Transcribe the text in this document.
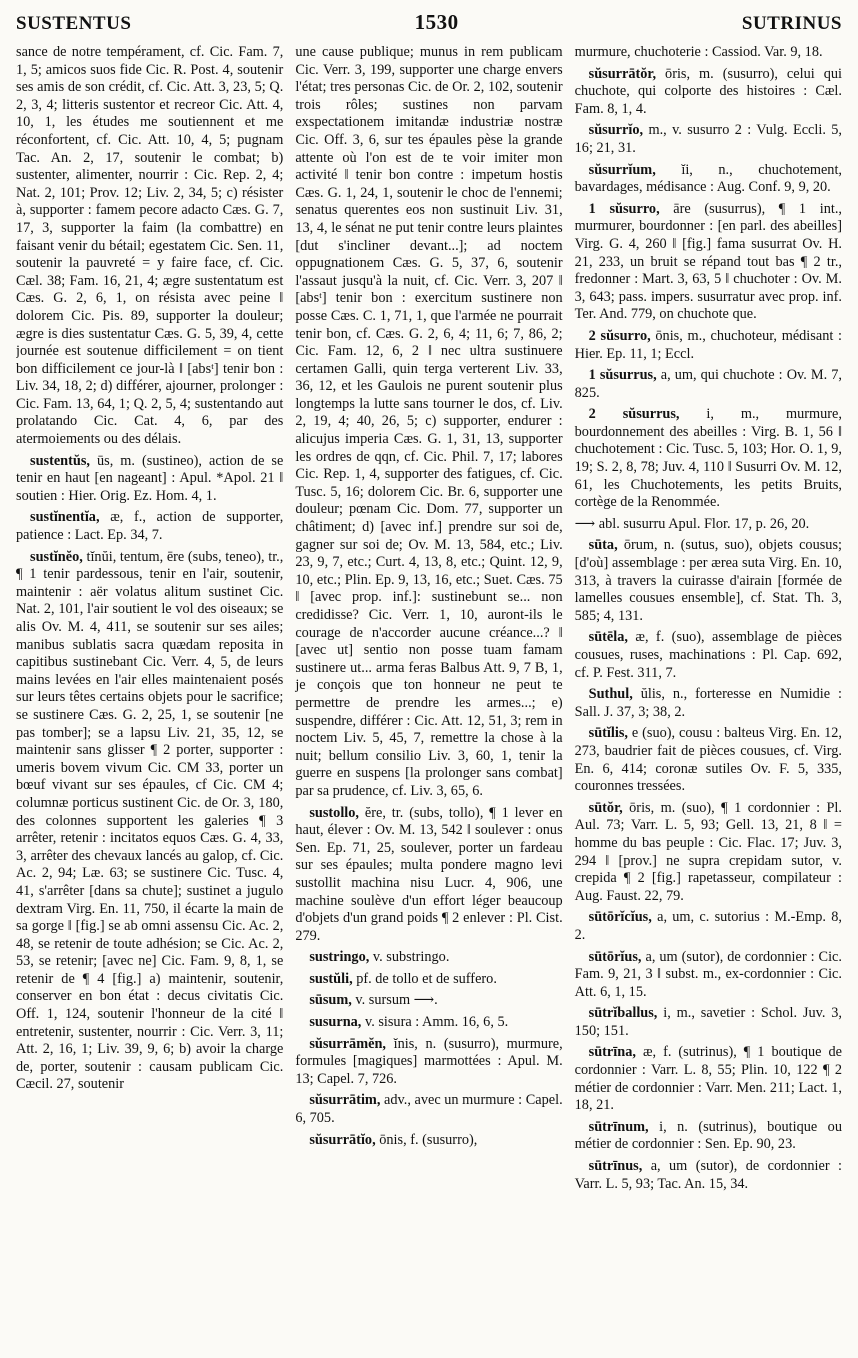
SUSTENTUS	1530	SUTRINUS

sance de notre tempérament, cf. Cic. Fam. 7, 1, 5; amicos suos fide Cic. R. Post. 4, soutenir ses amis de son crédit, cf. Cic. Att. 3, 23, 5; Q. 2, 3, 4; litteris sustentor et recreor Cic. Att. 4, 10, 1, les études me soutiennent et me réconfortent, cf. Cic. Att. 10, 4, 5; pugnam Tac. An. 2, 17, soutenir le combat; b) sustenter, alimenter, nourrir : Cic. Rep. 2, 4; Nat. 2, 101; Prov. 12; Liv. 2, 34, 5; c) résister à, supporter : famem pecore adacto Cæs. G. 7, 17, 3, supporter la faim (la combattre) en faisant venir du bétail; egestatem Cic. Sen. 11, soutenir la pauvreté = y faire face, cf. Cic. Cæl. 38; Fam. 16, 21, 4; ægre sustentatum est Cæs. G. 2, 6, 1, on résista avec peine ‖ dolorem Cic. Pis. 89, supporter la douleur; ægre is dies sustentatur Cæs. G. 5, 39, 4, cette journée est soutenue difficilement = on tient bon difficilement ce jour-là ‖ [absᵗ] tenir bon : Liv. 34, 18, 2; d) différer, ajourner, prolonger : Cic. Fam. 13, 64, 1; Q. 2, 5, 4; sustentando aut prolatando Cic. Cat. 4, 6, par des atermoiements ou des délais.

sustentŭs, ūs, m. (sustineo), action de se tenir en haut [en nageant] : Apul. *Apol. 21 ‖ soutien : Hier. Orig. Ez. Hom. 4, 1.

sustĭnentĭa, æ, f., action de supporter, patience : Lact. Ep. 34, 7.

sustĭnĕo, tĭnŭi, tentum, ēre (subs, teneo), tr., ¶ 1 tenir pardessous, tenir en l'air, soutenir, maintenir : aër volatus alitum sustinet Cic. Nat. 2, 101, l'air soutient le vol des oiseaux; se alis Ov. M. 4, 411, se soutenir sur ses ailes; manibus sublatis sacra quædam reposita in capitibus sustinebant Cic. Verr. 4, 5, de leurs mains levées en l'air elles maintenaient posés sur leurs têtes certains objets pour le sacrifice; se sustinere Cæs. G. 2, 25, 1, se soutenir [ne pas tomber]; se a lapsu Liv. 21, 35, 12, se maintenir sans glisser ¶ 2 porter, supporter : umeris bovem vivum Cic. CM 33, porter un bœuf vivant sur ses épaules, cf Cic. CM 4; columnæ porticus sustinent Cic. de Or. 3, 180, des colonnes supportent les galeries ¶ 3 arrêter, retenir : incitatos equos Cæs. G. 4, 33, 3, arrêter des chevaux lancés au galop, cf. Cic. Ac. 2, 94; Læ. 63; se sustinere Cic. Tusc. 4, 41, s'arrêter [dans sa chute]; sustinet a jugulo dextram Virg. En. 11, 750, il écarte la main de sa gorge ‖ [fig.] se ab omni assensu Cic. Ac. 2, 48, se retenir de toute adhésion; se Cic. Ac. 2, 53, se retenir; [avec ne] Cic. Fam. 9, 8, 1, se retenir de ¶ 4 [fig.] a) maintenir, soutenir, conserver en bon état : decus civitatis Cic. Off. 1, 124, soutenir l'honneur de la cité ‖ entretenir, sustenter, nourrir : Cic. Verr. 3, 11; Att. 2, 16, 1; Liv. 39, 9, 6; b) avoir la charge de, porter, soutenir : causam publicam Cic. Cæcil. 27, soutenir

une cause publique; munus in rem publicam Cic. Verr. 3, 199, supporter une charge envers l'état; tres personas Cic. de Or. 2, 102, soutenir trois rôles; sustines non parvam exspectationem imitandæ industriæ nostræ Cic. Off. 3, 6, sur tes épaules pèse la grande attente où l'on est de te voir imiter mon activité ‖ tenir bon contre : impetum hostis Cæs. G. 1, 24, 1, soutenir le choc de l'ennemi; senatus querentes eos non sustinuit Liv. 31, 13, 4, le sénat ne put tenir contre leurs plaintes [dut s'incliner devant...]; ad noctem oppugnationem Cæs. G. 5, 37, 6, soutenir l'assaut jusqu'à la nuit, cf. Cic. Verr. 3, 207 ‖ [absᵗ] tenir bon : exercitum sustinere non posse Cæs. C. 1, 71, 1, que l'armée ne pourrait tenir bon, cf. Cæs. G. 2, 6, 4; 11, 6; 7, 86, 2; Cic. Fam. 12, 6, 2 ‖ nec ultra sustinuere certamen Galli, quin terga verterent Liv. 33, 36, 12, et les Gaulois ne purent soutenir plus longtemps la lutte sans tourner le dos, cf. Liv. 2, 19, 4; 40, 26, 5; c) supporter, endurer : alicujus imperia Cæs. G. 1, 31, 13, supporter les ordres de qqn, cf. Cic. Phil. 7, 17; labores Cic. Rep. 1, 4, supporter des fatigues, cf. Cic. Tusc. 5, 16; dolorem Cic. Br. 6, supporter une douleur; pœnam Cic. Dom. 77, supporter un châtiment; d) [avec inf.] prendre sur soi de, gagner sur soi de; Ov. M. 13, 584, etc.; Liv. 23, 9, 7, etc.; Curt. 4, 13, 8, etc.; Quint. 12, 9, 10, etc.; Plin. Ep. 9, 13, 16, etc.; Suet. Cæs. 75 ‖ [avec prop. inf.]: sustinebunt se... non credidisse? Cic. Verr. 1, 10, auront-ils le courage de n'accorder aucune créance...? ‖ [avec ut] sentio non posse tuam famam sustinere ut... arma feras Balbus Att. 9, 7 B, 1, je conçois que ton honneur ne peut te permettre de prendre les armes...; e) suspendre, différer : Cic. Att. 12, 51, 3; rem in noctem Liv. 5, 45, 7, remettre la chose à la nuit; bellum consilio Liv. 3, 60, 1, tenir la guerre en suspens [la prolonger sans combat] par sa prudence, cf. Liv. 3, 65, 6.

sustollo, ĕre, tr. (subs, tollo), ¶ 1 lever en haut, élever : Ov. M. 13, 542 ‖ soulever : onus Sen. Ep. 71, 25, soulever, porter un fardeau sur ses épaules; multa pondere magno levi sustollit machina nisu Lucr. 4, 906, une machine soulève d'un effort léger beaucoup d'objets d'un grand poids ¶ 2 enlever : Pl. Cist. 279.

sustringo, v. substringo.

sustŭli, pf. de tollo et de suffero.

sūsum, v. sursum ⟶.

susurna, v. sisura : Amm. 16, 6, 5.

sŭsurrāmĕn, ĭnis, n. (susurro), murmure, formules [magiques] marmottées : Apul. M. 13; Capel. 7, 726.

sŭsurrātim, adv., avec un murmure : Capel. 6, 705.

sŭsurrātĭo, ōnis, f. (susurro),

murmure, chuchoterie : Cassiod. Var. 9, 18.

sŭsurrātŏr, ōris, m. (susurro), celui qui chuchote, qui colporte des histoires : Cæl. Fam. 8, 1, 4.

sŭsurrĭo, m., v. susurro 2 : Vulg. Eccli. 5, 16; 21, 31.

sŭsurrĭum, ĭi, n., chuchotement, bavardages, médisance : Aug. Conf. 9, 9, 20.

1 sŭsurro, āre (susurrus), ¶ 1 int., murmurer, bourdonner : [en parl. des abeilles] Virg. G. 4, 260 ‖ [fig.] fama susurrat Ov. H. 21, 233, un bruit se répand tout bas ¶ 2 tr., fredonner : Mart. 3, 63, 5 ‖ chuchoter : Ov. M. 3, 643; pass. impers. susurratur avec prop. inf. Ter. And. 779, on chuchote que.

2 sŭsurro, ōnis, m., chuchoteur, médisant : Hier. Ep. 11, 1; Eccl.

1 sŭsurrus, a, um, qui chuchote : Ov. M. 7, 825.

2 sŭsurrus, i, m., murmure, bourdonnement des abeilles : Virg. B. 1, 56 ‖ chuchotement : Cic. Tusc. 5, 103; Hor. O. 1, 9, 19; S. 2, 8, 78; Juv. 4, 110 ‖ Susurri Ov. M. 12, 61, les Chuchotements, les petits Bruits, cortège de la Renommée.

⟶ abl. susurru Apul. Flor. 17, p. 26, 20.

sūta, ōrum, n. (sutus, suo), objets cousus; [d'où] assemblage : per ærea suta Virg. En. 10, 313, à travers la cuirasse d'airain [formée de lamelles cousues ensemble], cf. Stat. Th. 3, 585; 4, 131.

sūtēla, æ, f. (suo), assemblage de pièces cousues, ruses, machinations : Pl. Cap. 692, cf. P. Fest. 311, 7.

Suthul, ŭlis, n., forteresse en Numidie : Sall. J. 37, 3; 38, 2.

sūtĭlis, e (suo), cousu : balteus Virg. En. 12, 273, baudrier fait de pièces cousues, cf. Virg. En. 6, 414; coronæ sutiles Ov. F. 5, 335, couronnes tressées.

sūtŏr, ōris, m. (suo), ¶ 1 cordonnier : Pl. Aul. 73; Varr. L. 5, 93; Gell. 13, 21, 8 ‖ = homme du bas peuple : Cic. Flac. 17; Juv. 3, 294 ‖ [prov.] ne supra crepidam sutor, v. crepida ¶ 2 [fig.] rapetasseur, compilateur : Aug. Faust. 22, 79.

sūtōrĭcĭus, a, um, c. sutorius : M.-Emp. 8, 2.

sūtōrĭus, a, um (sutor), de cordonnier : Cic. Fam. 9, 21, 3 ‖ subst. m., ex-cordonnier : Cic. Att. 6, 1, 15.

sūtrĭballus, i, m., savetier : Schol. Juv. 3, 150; 151.

sūtrīna, æ, f. (sutrinus), ¶ 1 boutique de cordonnier : Varr. L. 8, 55; Plin. 10, 122 ¶ 2 métier de cordonnier : Varr. Men. 211; Lact. 1, 18, 21.

sūtrīnum, i, n. (sutrinus), boutique ou métier de cordonnier : Sen. Ep. 90, 23.

sūtrīnus, a, um (sutor), de cordonnier : Varr. L. 5, 93; Tac. An. 15, 34.
